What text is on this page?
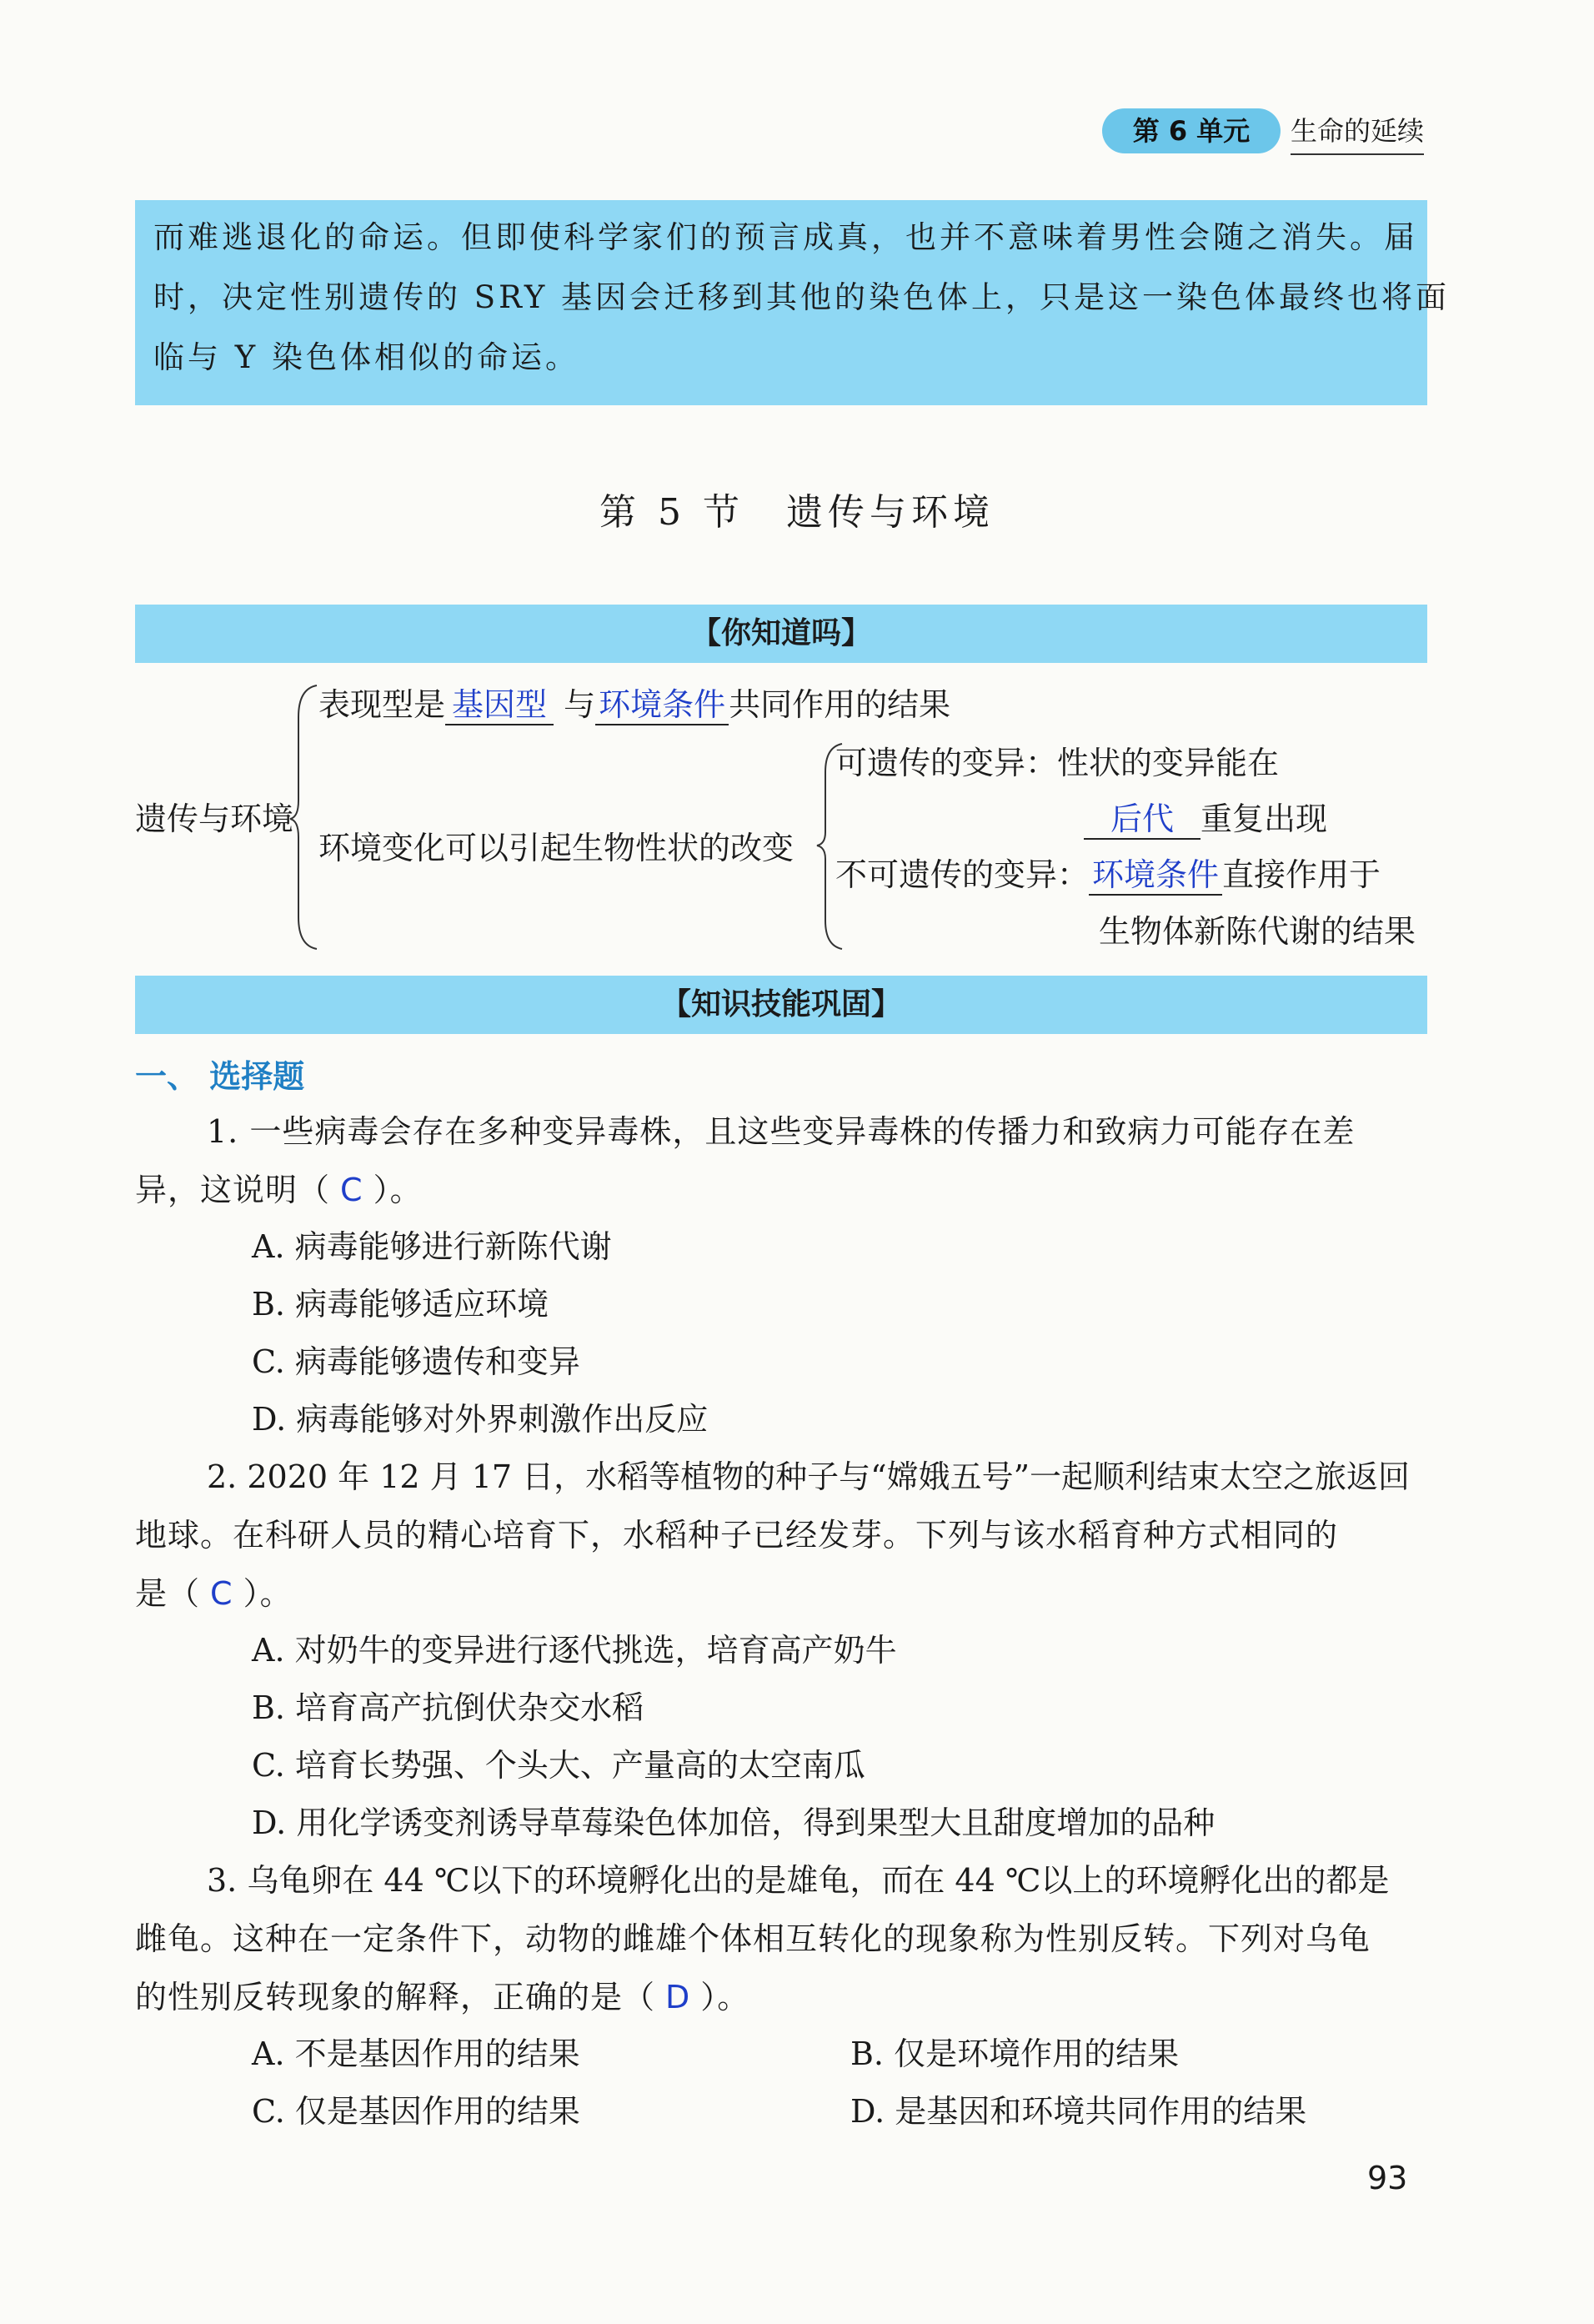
第 6 单元	生命的延续
而难逃退化的命运。但即使科学家们的预言成真，也并不意味着男性会随之消失。届
时，决定性别遗传的 SRY 基因会迁移到其他的染色体上，只是这一染色体最终也将面
临与 Y 染色体相似的命运。
第 5 节　遗传与环境
【你知道吗】
遗传与环境
表现型是 基因型 与 环境条件 共同作用的结果
环境变化可以引起生物性状的改变
可遗传的变异：性状的变异能在
后代 重复出现
不可遗传的变异： 环境条件 直接作用于
生物体新陈代谢的结果
【知识技能巩固】
一、 选择题
1. 一些病毒会存在多种变异毒株，且这些变异毒株的传播力和致病力可能存在差
异，这说明（ C ）。
A. 病毒能够进行新陈代谢
B. 病毒能够适应环境
C. 病毒能够遗传和变异
D. 病毒能够对外界刺激作出反应
2. 2020 年 12 月 17 日，水稻等植物的种子与“嫦娥五号”一起顺利结束太空之旅返回
地球。在科研人员的精心培育下，水稻种子已经发芽。下列与该水稻育种方式相同的
是（ C ）。
A. 对奶牛的变异进行逐代挑选，培育高产奶牛
B. 培育高产抗倒伏杂交水稻
C. 培育长势强、个头大、产量高的太空南瓜
D. 用化学诱变剂诱导草莓染色体加倍，得到果型大且甜度增加的品种
3. 乌龟卵在 44 ℃以下的环境孵化出的是雄龟，而在 44 ℃以上的环境孵化出的都是
雌龟。这种在一定条件下，动物的雌雄个体相互转化的现象称为性别反转。下列对乌龟
的性别反转现象的解释，正确的是（ D ）。
A. 不是基因作用的结果	B. 仅是环境作用的结果
C. 仅是基因作用的结果	D. 是基因和环境共同作用的结果
93
